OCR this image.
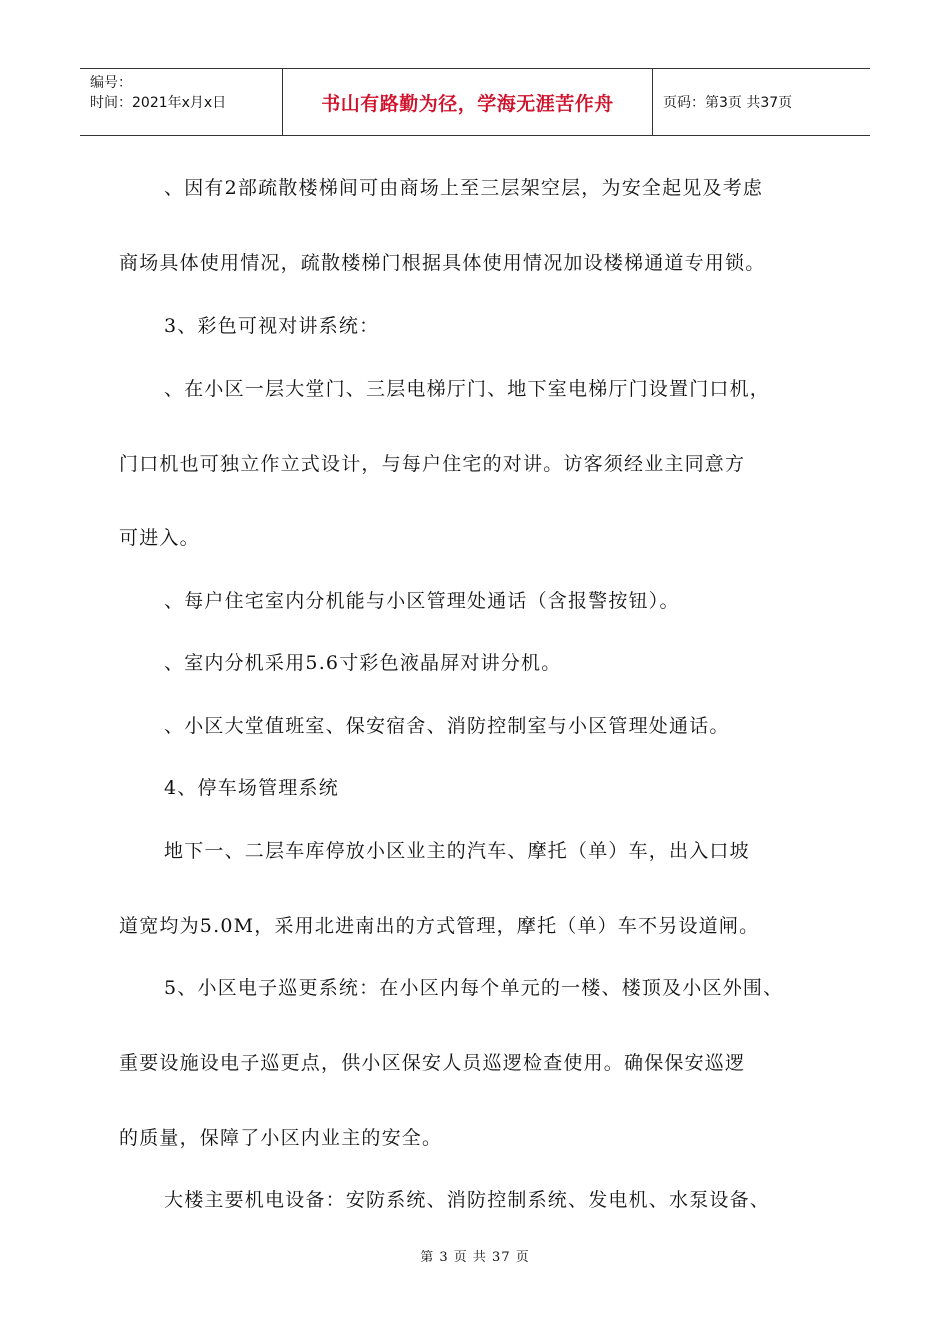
编号：
时间：2021年x月x日	书山有路勤为径，学海无涯苦作舟	页码：第3页 共37页
、因有2部疏散楼梯间可由商场上至三层架空层，为安全起见及考虑
商场具体使用情况，疏散楼梯门根据具体使用情况加设楼梯通道专用锁。
3、彩色可视对讲系统：
、在小区一层大堂门、三层电梯厅门、地下室电梯厅门设置门口机，
门口机也可独立作立式设计，与每户住宅的对讲。访客须经业主同意方
可进入。
、每户住宅室内分机能与小区管理处通话（含报警按钮）。
、室内分机采用5.6寸彩色液晶屏对讲分机。
、小区大堂值班室、保安宿舍、消防控制室与小区管理处通话。
4、停车场管理系统
地下一、二层车库停放小区业主的汽车、摩托（单）车，出入口坡
道宽均为5.0M，采用北进南出的方式管理，摩托（单）车不另设道闸。
5、小区电子巡更系统：在小区内每个单元的一楼、楼顶及小区外围、
重要设施设电子巡更点，供小区保安人员巡逻检查使用。确保保安巡逻
的质量，保障了小区内业主的安全。
大楼主要机电设备：安防系统、消防控制系统、发电机、水泵设备、
第 3 页 共 37 页
